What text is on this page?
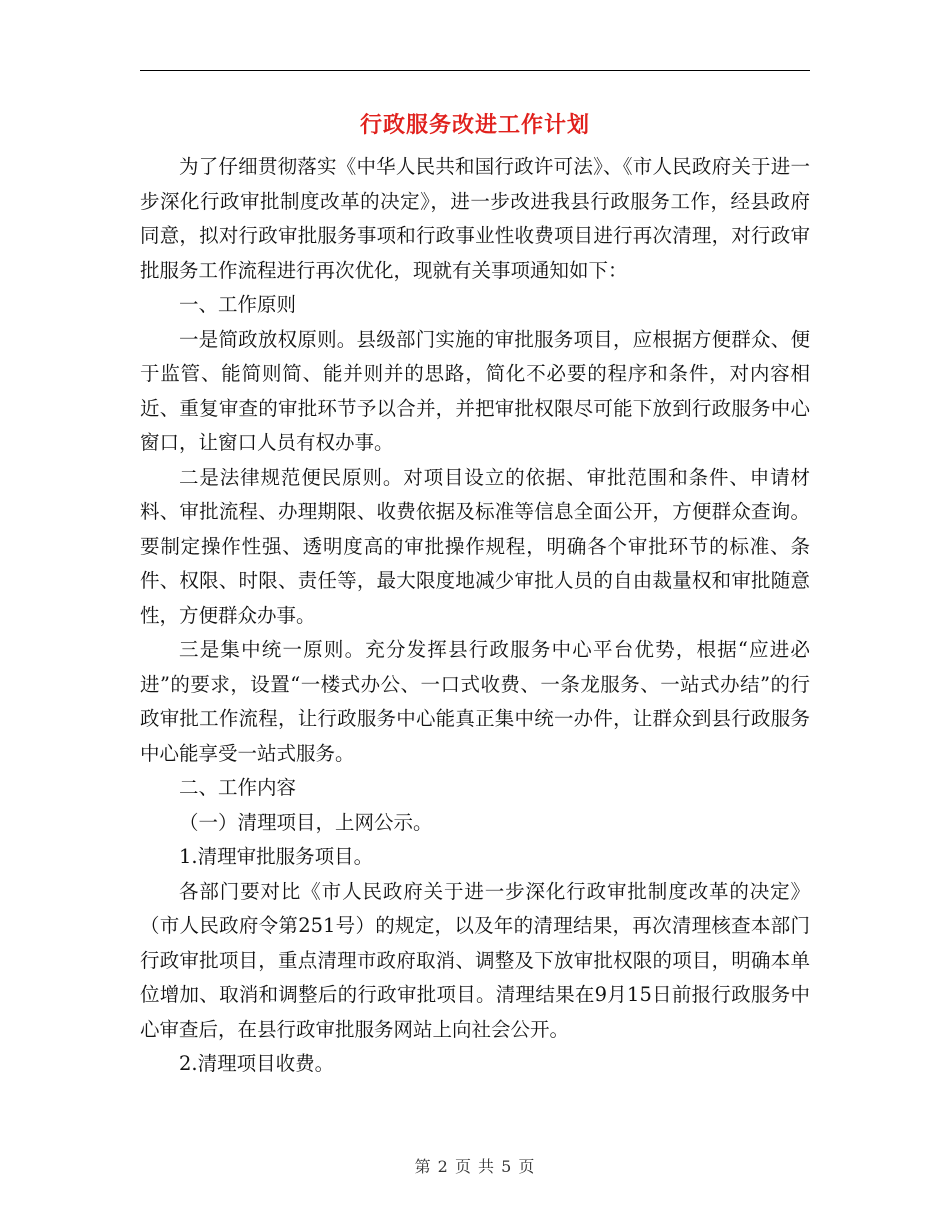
行政服务改进工作计划

为了仔细贯彻落实《中华人民共和国行政许可法》、《市人民政府关于进一步深化行政审批制度改革的决定》，进一步改进我县行政服务工作，经县政府同意，拟对行政审批服务事项和行政事业性收费项目进行再次清理，对行政审批服务工作流程进行再次优化，现就有关事项通知如下：

一、工作原则

一是简政放权原则。县级部门实施的审批服务项目，应根据方便群众、便于监管、能简则简、能并则并的思路，简化不必要的程序和条件，对内容相近、重复审查的审批环节予以合并，并把审批权限尽可能下放到行政服务中心窗口，让窗口人员有权办事。

二是法律规范便民原则。对项目设立的依据、审批范围和条件、申请材料、审批流程、办理期限、收费依据及标准等信息全面公开，方便群众查询。要制定操作性强、透明度高的审批操作规程，明确各个审批环节的标准、条件、权限、时限、责任等，最大限度地减少审批人员的自由裁量权和审批随意性，方便群众办事。

三是集中统一原则。充分发挥县行政服务中心平台优势，根据“应进必进”的要求，设置“一楼式办公、一口式收费、一条龙服务、一站式办结”的行政审批工作流程，让行政服务中心能真正集中统一办件，让群众到县行政服务中心能享受一站式服务。

二、工作内容

（一）清理项目，上网公示。

1.清理审批服务项目。

各部门要对比《市人民政府关于进一步深化行政审批制度改革的决定》（市人民政府令第251号）的规定，以及年的清理结果，再次清理核查本部门行政审批项目，重点清理市政府取消、调整及下放审批权限的项目，明确本单位增加、取消和调整后的行政审批项目。清理结果在9月15日前报行政服务中心审查后，在县行政审批服务网站上向社会公开。

2.清理项目收费。

第 2 页 共 5 页
